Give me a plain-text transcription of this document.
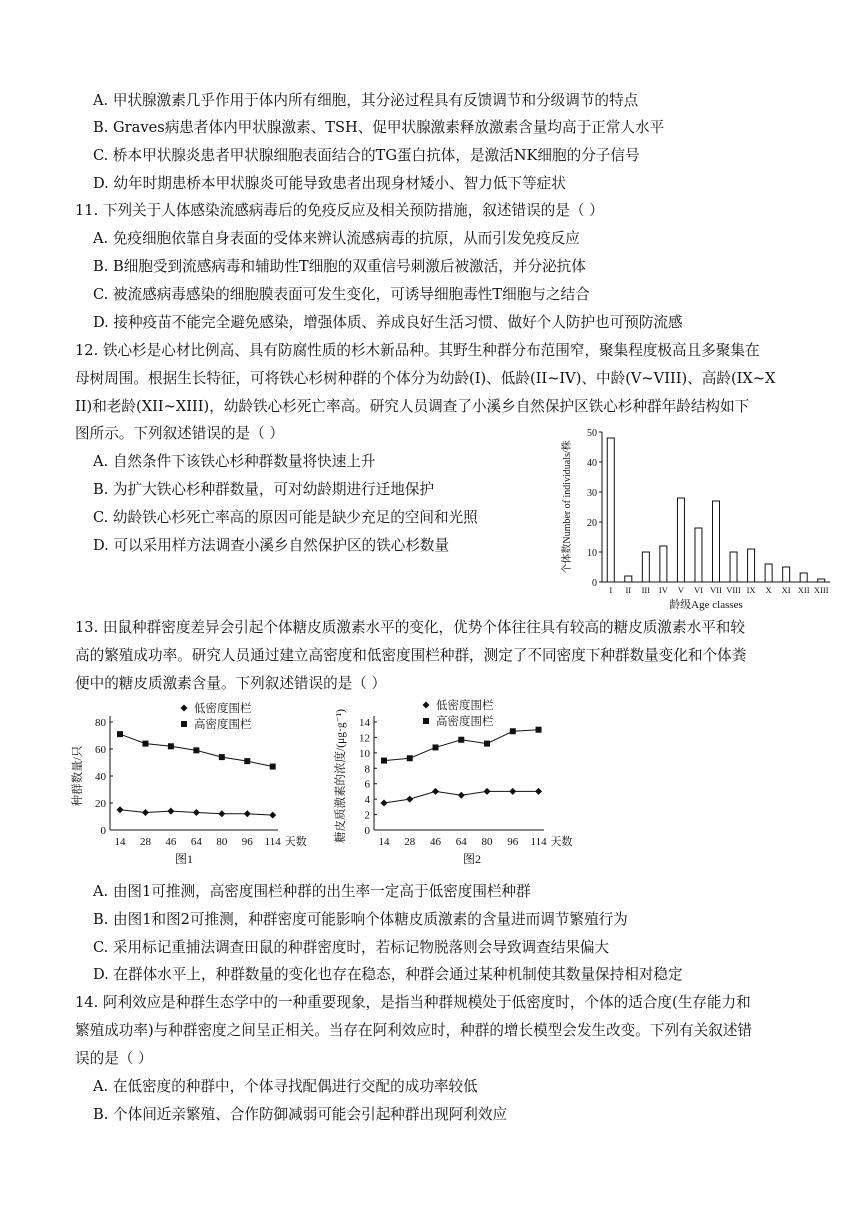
A. 甲状腺激素几乎作用于体内所有细胞，其分泌过程具有反馈调节和分级调节的特点
B. Graves病患者体内甲状腺激素、TSH、促甲状腺激素释放激素含量均高于正常人水平
C. 桥本甲状腺炎患者甲状腺细胞表面结合的TG蛋白抗体，是激活NK细胞的分子信号
D. 幼年时期患桥本甲状腺炎可能导致患者出现身材矮小、智力低下等症状
11. 下列关于人体感染流感病毒后的免疫反应及相关预防措施，叙述错误的是（ ）
A. 免疫细胞依靠自身表面的受体来辨认流感病毒的抗原，从而引发免疫反应
B. B细胞受到流感病毒和辅助性T细胞的双重信号刺激后被激活，并分泌抗体
C. 被流感病毒感染的细胞膜表面可发生变化，可诱导细胞毒性T细胞与之结合
D. 接种疫苗不能完全避免感染，增强体质、养成良好生活习惯、做好个人防护也可预防流感
12. 铁心杉是心材比例高、具有防腐性质的杉木新品种。其野生种群分布范围窄，聚集程度极高且多聚集在
母树周围。根据生长特征，可将铁心杉树种群的个体分为幼龄(I)、低龄(II~IV)、中龄(V~VIII)、高龄(IX~X
II)和老龄(XII~XIII)，幼龄铁心杉死亡率高。研究人员调查了小溪乡自然保护区铁心杉种群年龄结构如下
图所示。下列叙述错误的是（ ）
A. 自然条件下该铁心杉种群数量将快速上升
B. 为扩大铁心杉种群数量，可对幼龄期进行迁地保护
C. 幼龄铁心杉死亡率高的原因可能是缺少充足的空间和光照
D. 可以采用样方法调查小溪乡自然保护区的铁心杉数量
0
10
20
30
40
50
I II III IV V VI VII VIII IX X XI XII XIII
个体数Number of individuals/株
龄级Age classes
13. 田鼠种群密度差异会引起个体糖皮质激素水平的变化，优势个体往往具有较高的糖皮质激素水平和较
高的繁殖成功率。研究人员通过建立高密度和低密度围栏种群，测定了不同密度下种群数量变化和个体粪
便中的糖皮质激素含量。下列叙述错误的是（ ）
0
20
40
60
80
14 28 46 64 80 96 114 天数
低密度围栏
高密度围栏
种群数量/只
图1
0
2
4
6
8
10
12
14
14 28 46 64 80 96 114 天数
低密度围栏
高密度围栏
糖皮质激素的浓度/(μg·g⁻¹)
图2
A. 由图1可推测，高密度围栏种群的出生率一定高于低密度围栏种群
B. 由图1和图2可推测，种群密度可能影响个体糖皮质激素的含量进而调节繁殖行为
C. 采用标记重捕法调查田鼠的种群密度时，若标记物脱落则会导致调查结果偏大
D. 在群体水平上，种群数量的变化也存在稳态，种群会通过某种机制使其数量保持相对稳定
14. 阿利效应是种群生态学中的一种重要现象，是指当种群规模处于低密度时，个体的适合度(生存能力和
繁殖成功率)与种群密度之间呈正相关。当存在阿利效应时，种群的增长模型会发生改变。下列有关叙述错
误的是（ ）
A. 在低密度的种群中，个体寻找配偶进行交配的成功率较低
B. 个体间近亲繁殖、合作防御减弱可能会引起种群出现阿利效应
